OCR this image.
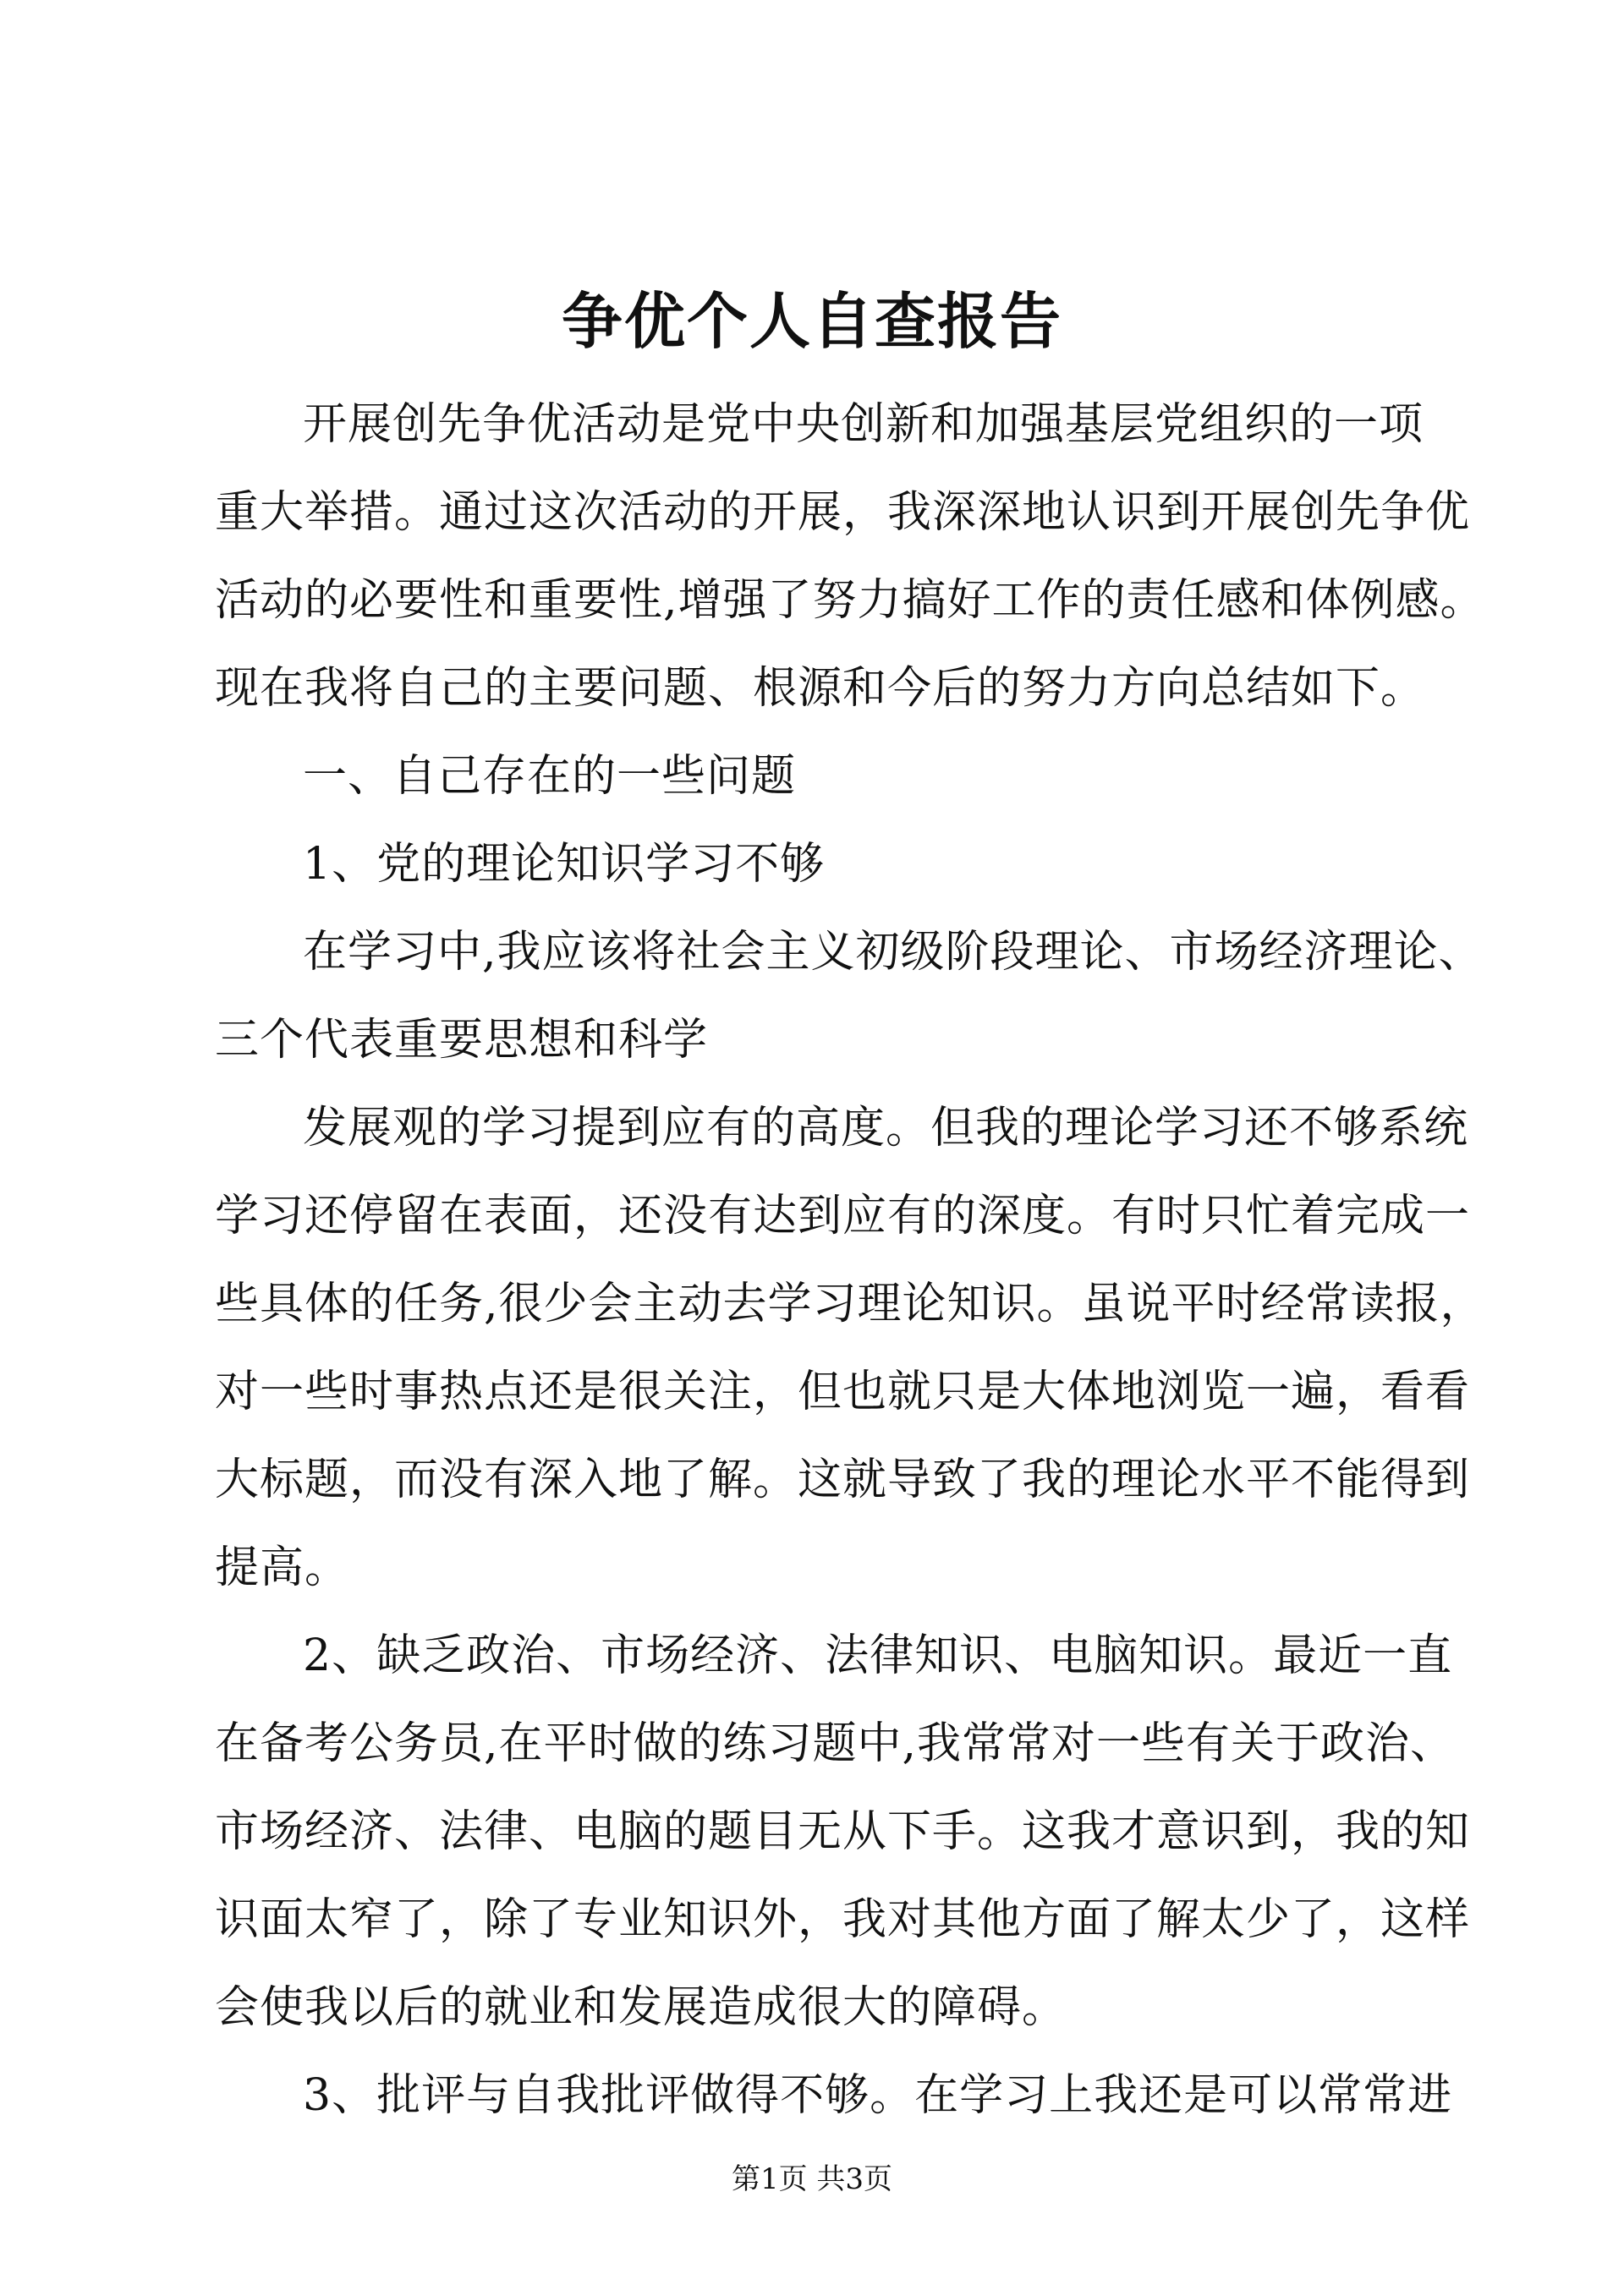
争优个人自查报告
开展创先争优活动是党中央创新和加强基层党组织的一项
重大举措。通过这次活动的开展，我深深地认识到开展创先争优
活动的必要性和重要性,增强了努力搞好工作的责任感和体例感。
现在我将自己的主要问题、根源和今后的努力方向总结如下。
一、自己存在的一些问题
1、党的理论知识学习不够
在学习中,我应该将社会主义初级阶段理论、市场经济理论、
三个代表重要思想和科学
发展观的学习提到应有的高度。但我的理论学习还不够系统
学习还停留在表面，还没有达到应有的深度。有时只忙着完成一
些具体的任务,很少会主动去学习理论知识。虽说平时经常读报，
对一些时事热点还是很关注，但也就只是大体地浏览一遍，看看
大标题，而没有深入地了解。这就导致了我的理论水平不能得到
提高。
2、缺乏政治、市场经济、法律知识、电脑知识。最近一直
在备考公务员,在平时做的练习题中,我常常对一些有关于政治、
市场经济、法律、电脑的题目无从下手。这我才意识到，我的知
识面太窄了，除了专业知识外，我对其他方面了解太少了，这样
会使我以后的就业和发展造成很大的障碍。
3、批评与自我批评做得不够。在学习上我还是可以常常进
第1页 共3页
